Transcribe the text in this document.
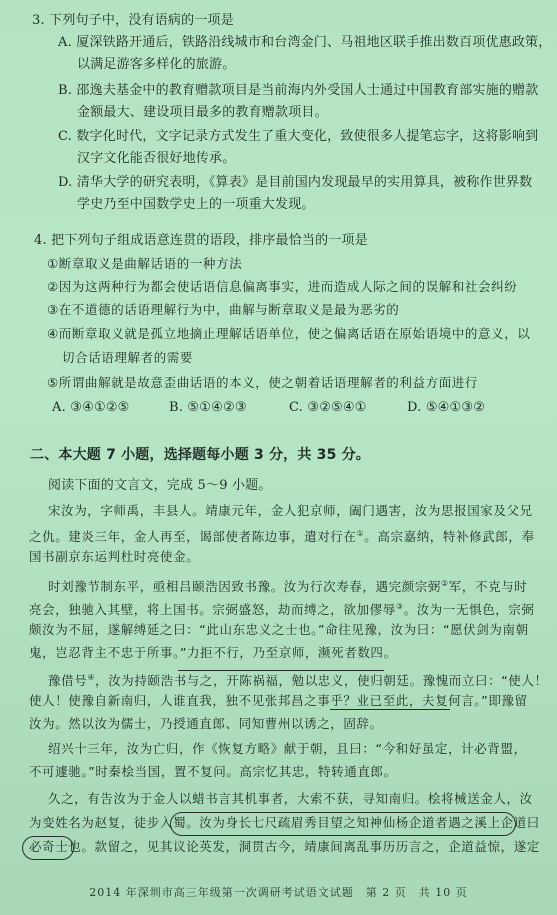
3. 下列句子中，没有语病的一项是
A. 厦深铁路开通后，铁路沿线城市和台湾金门、马祖地区联手推出数百项优惠政策，
以满足游客多样化的旅游。
B. 邵逸夫基金中的教育赠款项目是当前海内外受国人士通过中国教育部实施的赠款
金额最大、建设项目最多的教育赠款项目。
C. 数字化时代，文字记录方式发生了重大变化，致使很多人提笔忘字，这将影响到
汉字文化能否很好地传承。
D. 清华大学的研究表明，《算表》是目前国内发现最早的实用算具，被称作世界数
学史乃至中国数学史上的一项重大发现。
4. 把下列句子组成语意连贯的语段，排序最恰当的一项是
①断章取义是曲解话语的一种方法
②因为这两种行为都会使话语信息偏离事实，进而造成人际之间的误解和社会纠纷
③在不道德的话语理解行为中，曲解与断章取义是最为恶劣的
④而断章取义就是孤立地摘止理解话语单位，使之偏离话语在原始语境中的意义，以
切合话语理解者的需要
⑤所谓曲解就是故意歪曲话语的本义，使之朝着话语理解者的利益方面进行
A. ③④①②⑤	B. ⑤①④②③	C. ③②⑤④①	D. ⑤④①③②
二、本大题 7 小题，选择题每小题 3 分，共 35 分。
阅读下面的文言文，完成 5～9 小题。
宋汝为，字师禹，丰县人。靖康元年，金人犯京师，阖门遇害，汝为思报国家及父兄
之仇。建炎三年，金人再至，谒部使者陈边事，遣对行在①。高宗嘉纳，特补修武郎，奉
国书副京东运判杜时亮使金。
时刘豫节制东平，亟相吕颐浩因致书豫。汝为行次寿春，遇完颜宗弼②军，不克与时
亮会，独驰入其壁，将上国书。宗弼盛怒，劫而缚之，欲加僇辱③。汝为一无惧色，宗弼
颇汝为不屈，遂解缚延之曰：“此山东忠义之士也。”命往见豫，汝为曰：“愿伏剑为南朝
鬼，岂忍背主不忠于所事。”力拒不行，乃至京师，濒死者数四。
豫借号④，汝为持颐浩书与之，开陈祸福，勉以忠义，使归朝廷。豫愧而立曰：“使人！
使人！使豫自新南归，人谁直我，独不见张邦昌之事乎？业已至此，夫复何言。”即豫留
汝为。然以汝为儒士，乃授通直郎、同知曹州以诱之，固辞。
绍兴十三年，汝为亡归，作《恢复方略》献于朝，且曰：“今和好虽定，计必背盟，
不可遽驰。”时秦桧当国，置不复问。高宗忆其忠，特转通直郎。
久之，有告汝为于金人以蜡书言其机事者，大索不获，寻知南归。桧将械送金人，汝
为变姓名为赵复，徒步入蜀。汝为身长七尺疏眉秀目望之知神仙杨企道者遇之溪上企道曰
必奇士也。款留之，见其议论英发，洞贯古今，靖康间离乱事历历言之，企道益惊，遂定
2014 年深圳市高三年级第一次调研考试语文试题　第 2 页　共 10 页
